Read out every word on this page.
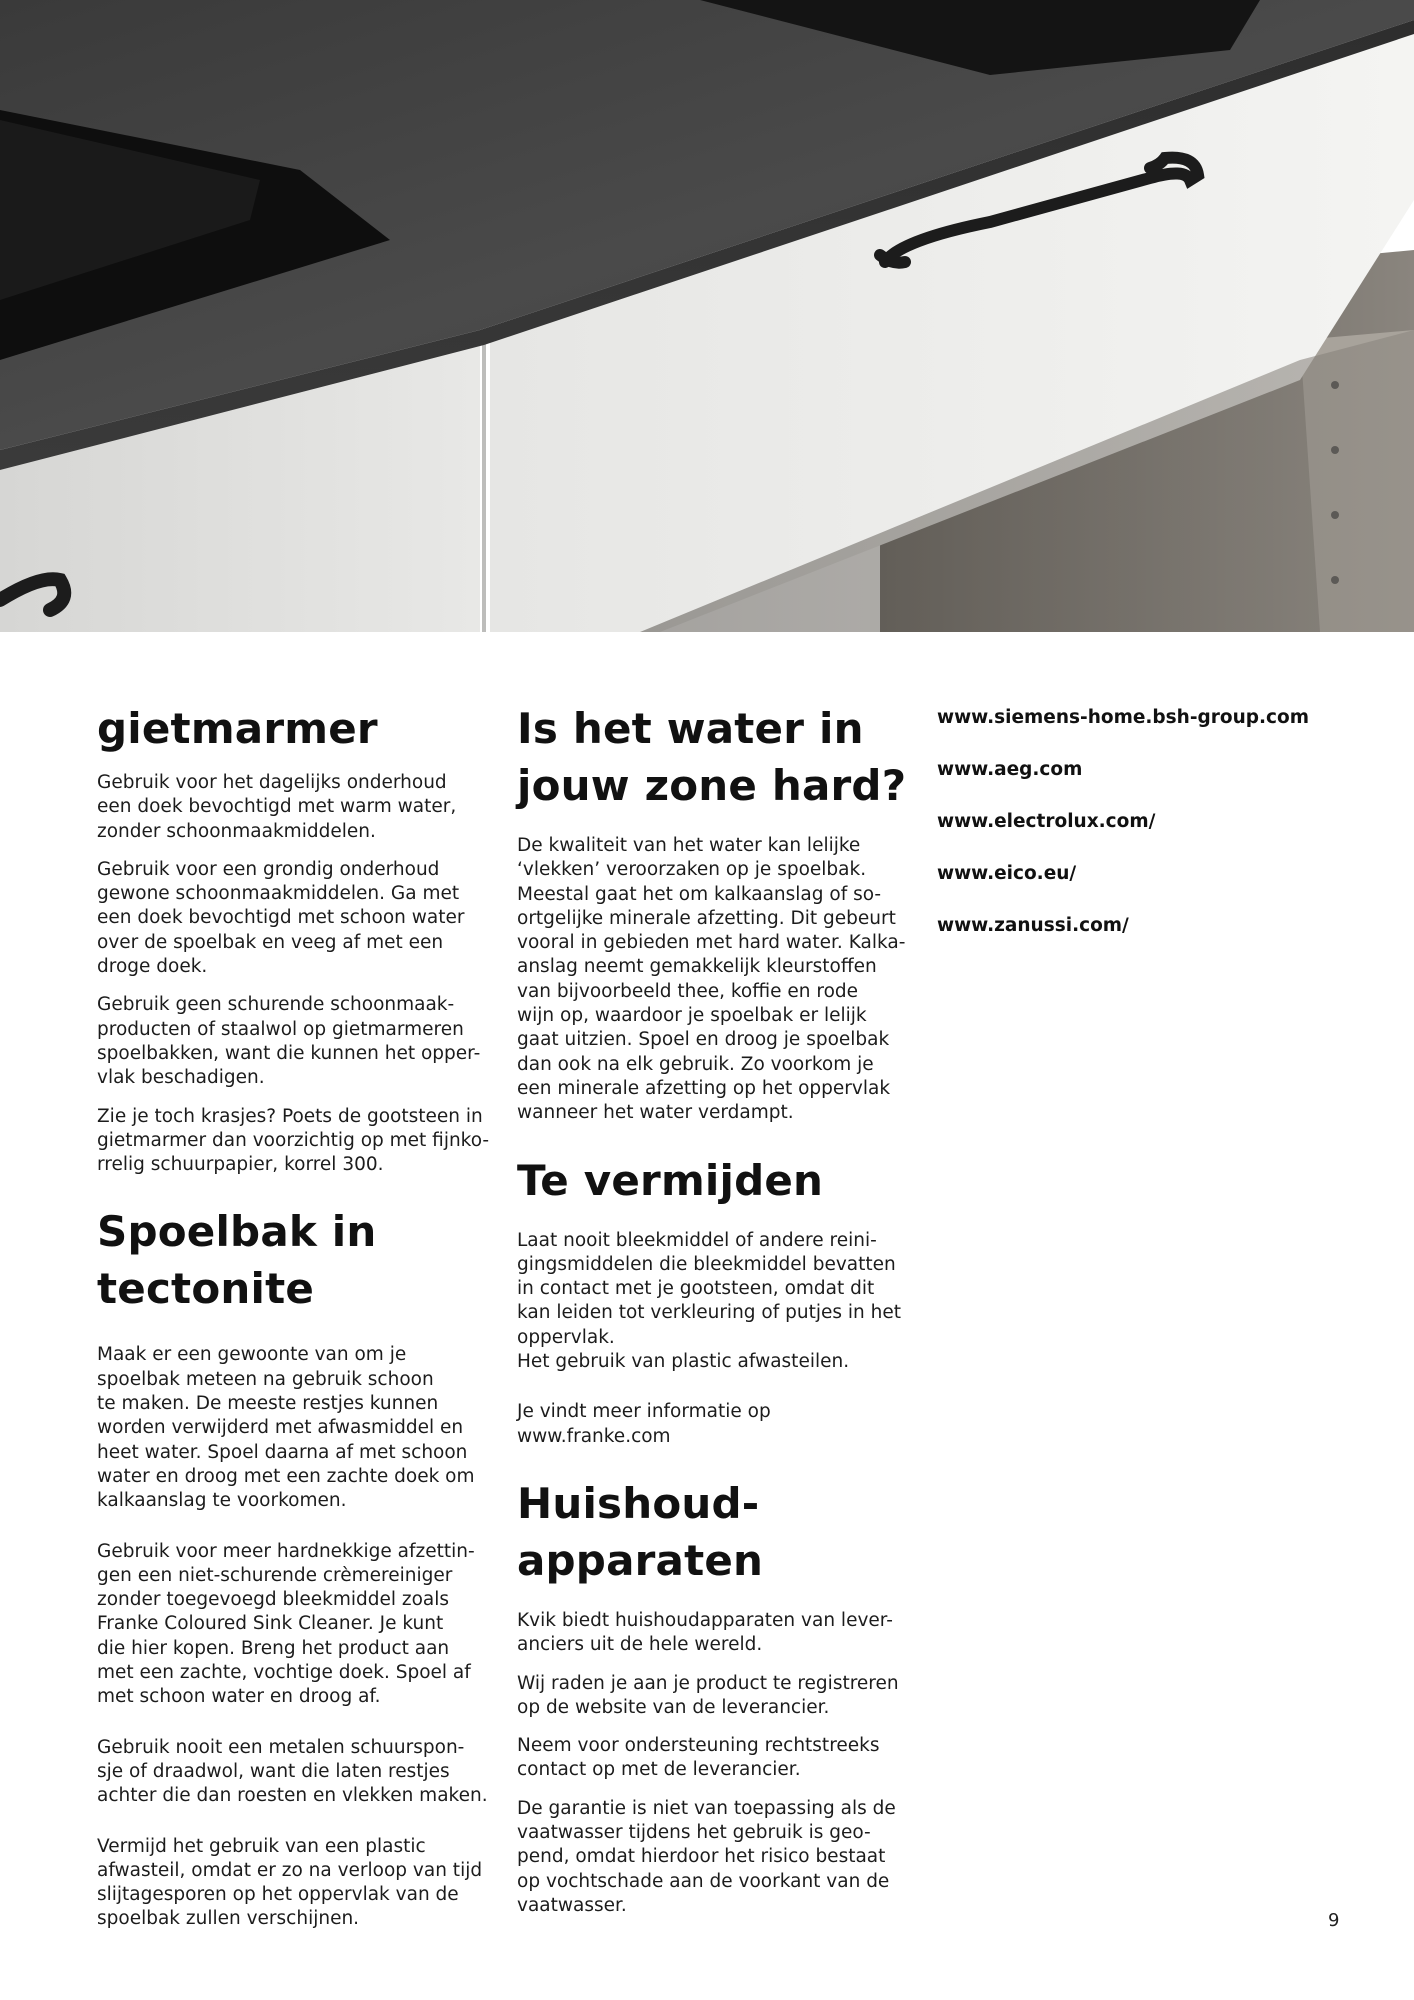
gietmarmer

Gebruik voor het dagelijks onderhoud
een doek bevochtigd met warm water,
zonder schoonmaakmiddelen.

Gebruik voor een grondig onderhoud
gewone schoonmaakmiddelen. Ga met
een doek bevochtigd met schoon water
over de spoelbak en veeg af met een
droge doek.

Gebruik geen schurende schoonmaak-
producten of staalwol op gietmarmeren
spoelbakken, want die kunnen het opper-
vlak beschadigen.

Zie je toch krasjes? Poets de gootsteen in
gietmarmer dan voorzichtig op met fijnko-
rrelig schuurpapier, korrel 300.

Spoelbak in
tectonite

Maak er een gewoonte van om je
spoelbak meteen na gebruik schoon
te maken. De meeste restjes kunnen
worden verwijderd met afwasmiddel en
heet water. Spoel daarna af met schoon
water en droog met een zachte doek om
kalkaanslag te voorkomen.

Gebruik voor meer hardnekkige afzettin-
gen een niet-schurende crèmereiniger
zonder toegevoegd bleekmiddel zoals
Franke Coloured Sink Cleaner. Je kunt
die hier kopen. Breng het product aan
met een zachte, vochtige doek. Spoel af
met schoon water en droog af.

Gebruik nooit een metalen schuurspon-
sje of draadwol, want die laten restjes
achter die dan roesten en vlekken maken.

Vermijd het gebruik van een plastic
afwasteil, omdat er zo na verloop van tijd
slijtagesporen op het oppervlak van de
spoelbak zullen verschijnen.

Is het water in
jouw zone hard?

De kwaliteit van het water kan lelijke
‘vlekken’ veroorzaken op je spoelbak.
Meestal gaat het om kalkaanslag of so-
ortgelijke minerale afzetting. Dit gebeurt
vooral in gebieden met hard water. Kalka-
anslag neemt gemakkelijk kleurstoffen
van bijvoorbeeld thee, koffie en rode
wijn op, waardoor je spoelbak er lelijk
gaat uitzien. Spoel en droog je spoelbak
dan ook na elk gebruik. Zo voorkom je
een minerale afzetting op het oppervlak
wanneer het water verdampt.

Te vermijden

Laat nooit bleekmiddel of andere reini-
gingsmiddelen die bleekmiddel bevatten
in contact met je gootsteen, omdat dit
kan leiden tot verkleuring of putjes in het
oppervlak.
Het gebruik van plastic afwasteilen.

Je vindt meer informatie op
www.franke.com

Huishoud-
apparaten

Kvik biedt huishoudapparaten van lever-
anciers uit de hele wereld.

Wij raden je aan je product te registreren
op de website van de leverancier.

Neem voor ondersteuning rechtstreeks
contact op met de leverancier.

De garantie is niet van toepassing als de
vaatwasser tijdens het gebruik is geo-
pend, omdat hierdoor het risico bestaat
op vochtschade aan de voorkant van de
vaatwasser.

www.siemens-home.bsh-group.com
www.aeg.com
www.electrolux.com/
www.eico.eu/
www.zanussi.com/
9
